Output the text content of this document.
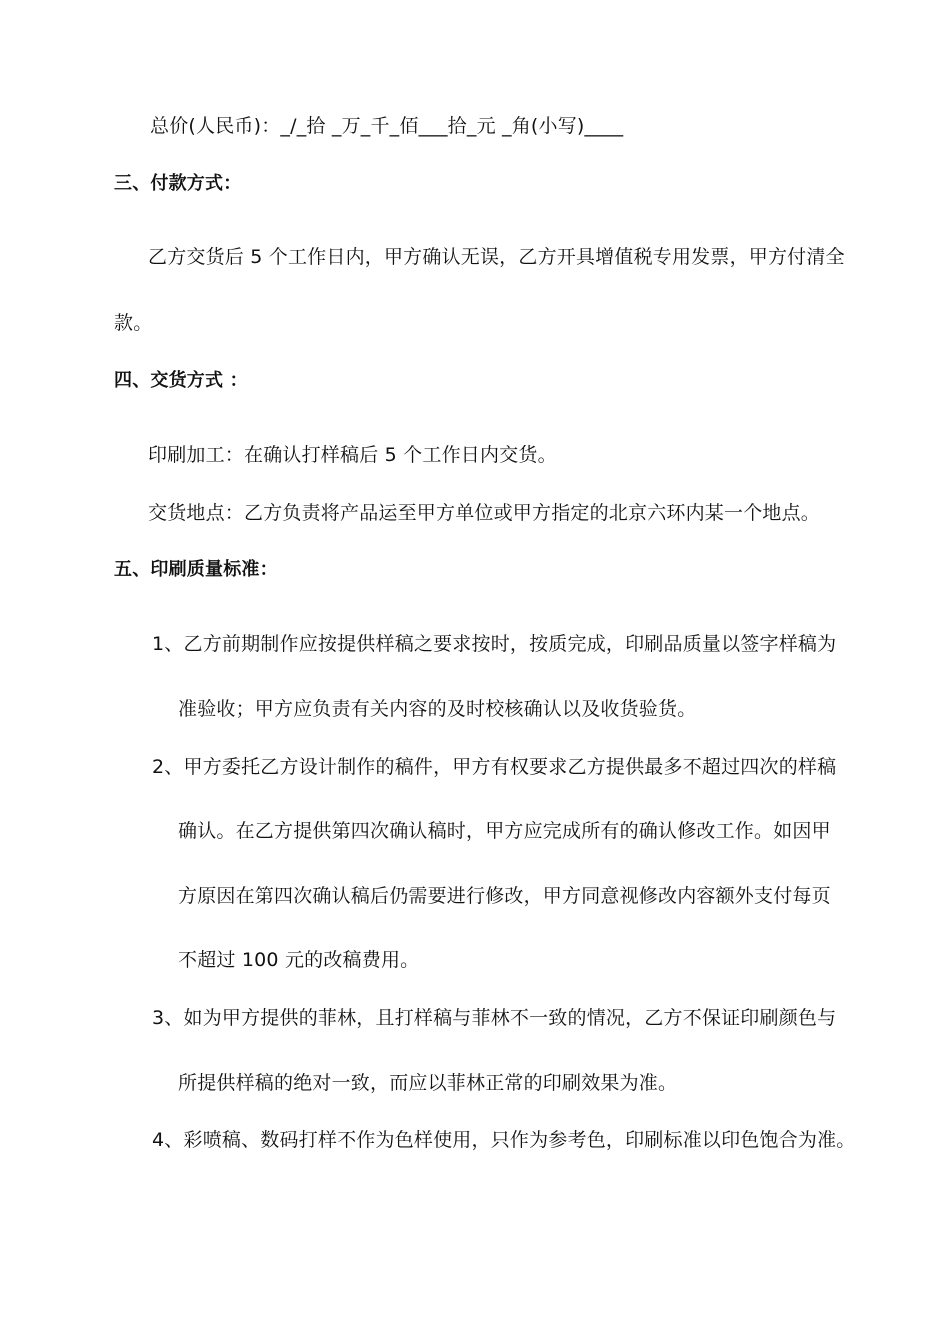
总价(人民币)：_/_拾 _万_千_佰___拾_元 _角(小写)____
三、付款方式：
乙方交货后 5 个工作日内，甲方确认无误，乙方开具增值税专用发票，甲方付清全
款。
四、交货方式 ：
印刷加工：在确认打样稿后 5 个工作日内交货。
交货地点：乙方负责将产品运至甲方单位或甲方指定的北京六环内某一个地点。
五、印刷质量标准：
1、乙方前期制作应按提供样稿之要求按时，按质完成，印刷品质量以签字样稿为
准验收；甲方应负责有关内容的及时校核确认以及收货验货。
2、甲方委托乙方设计制作的稿件，甲方有权要求乙方提供最多不超过四次的样稿
确认。在乙方提供第四次确认稿时，甲方应完成所有的确认修改工作。如因甲
方原因在第四次确认稿后仍需要进行修改，甲方同意视修改内容额外支付每页
不超过 100 元的改稿费用。
3、如为甲方提供的菲林，且打样稿与菲林不一致的情况，乙方不保证印刷颜色与
所提供样稿的绝对一致，而应以菲林正常的印刷效果为准。
4、彩喷稿、数码打样不作为色样使用，只作为参考色，印刷标准以印色饱合为准。
